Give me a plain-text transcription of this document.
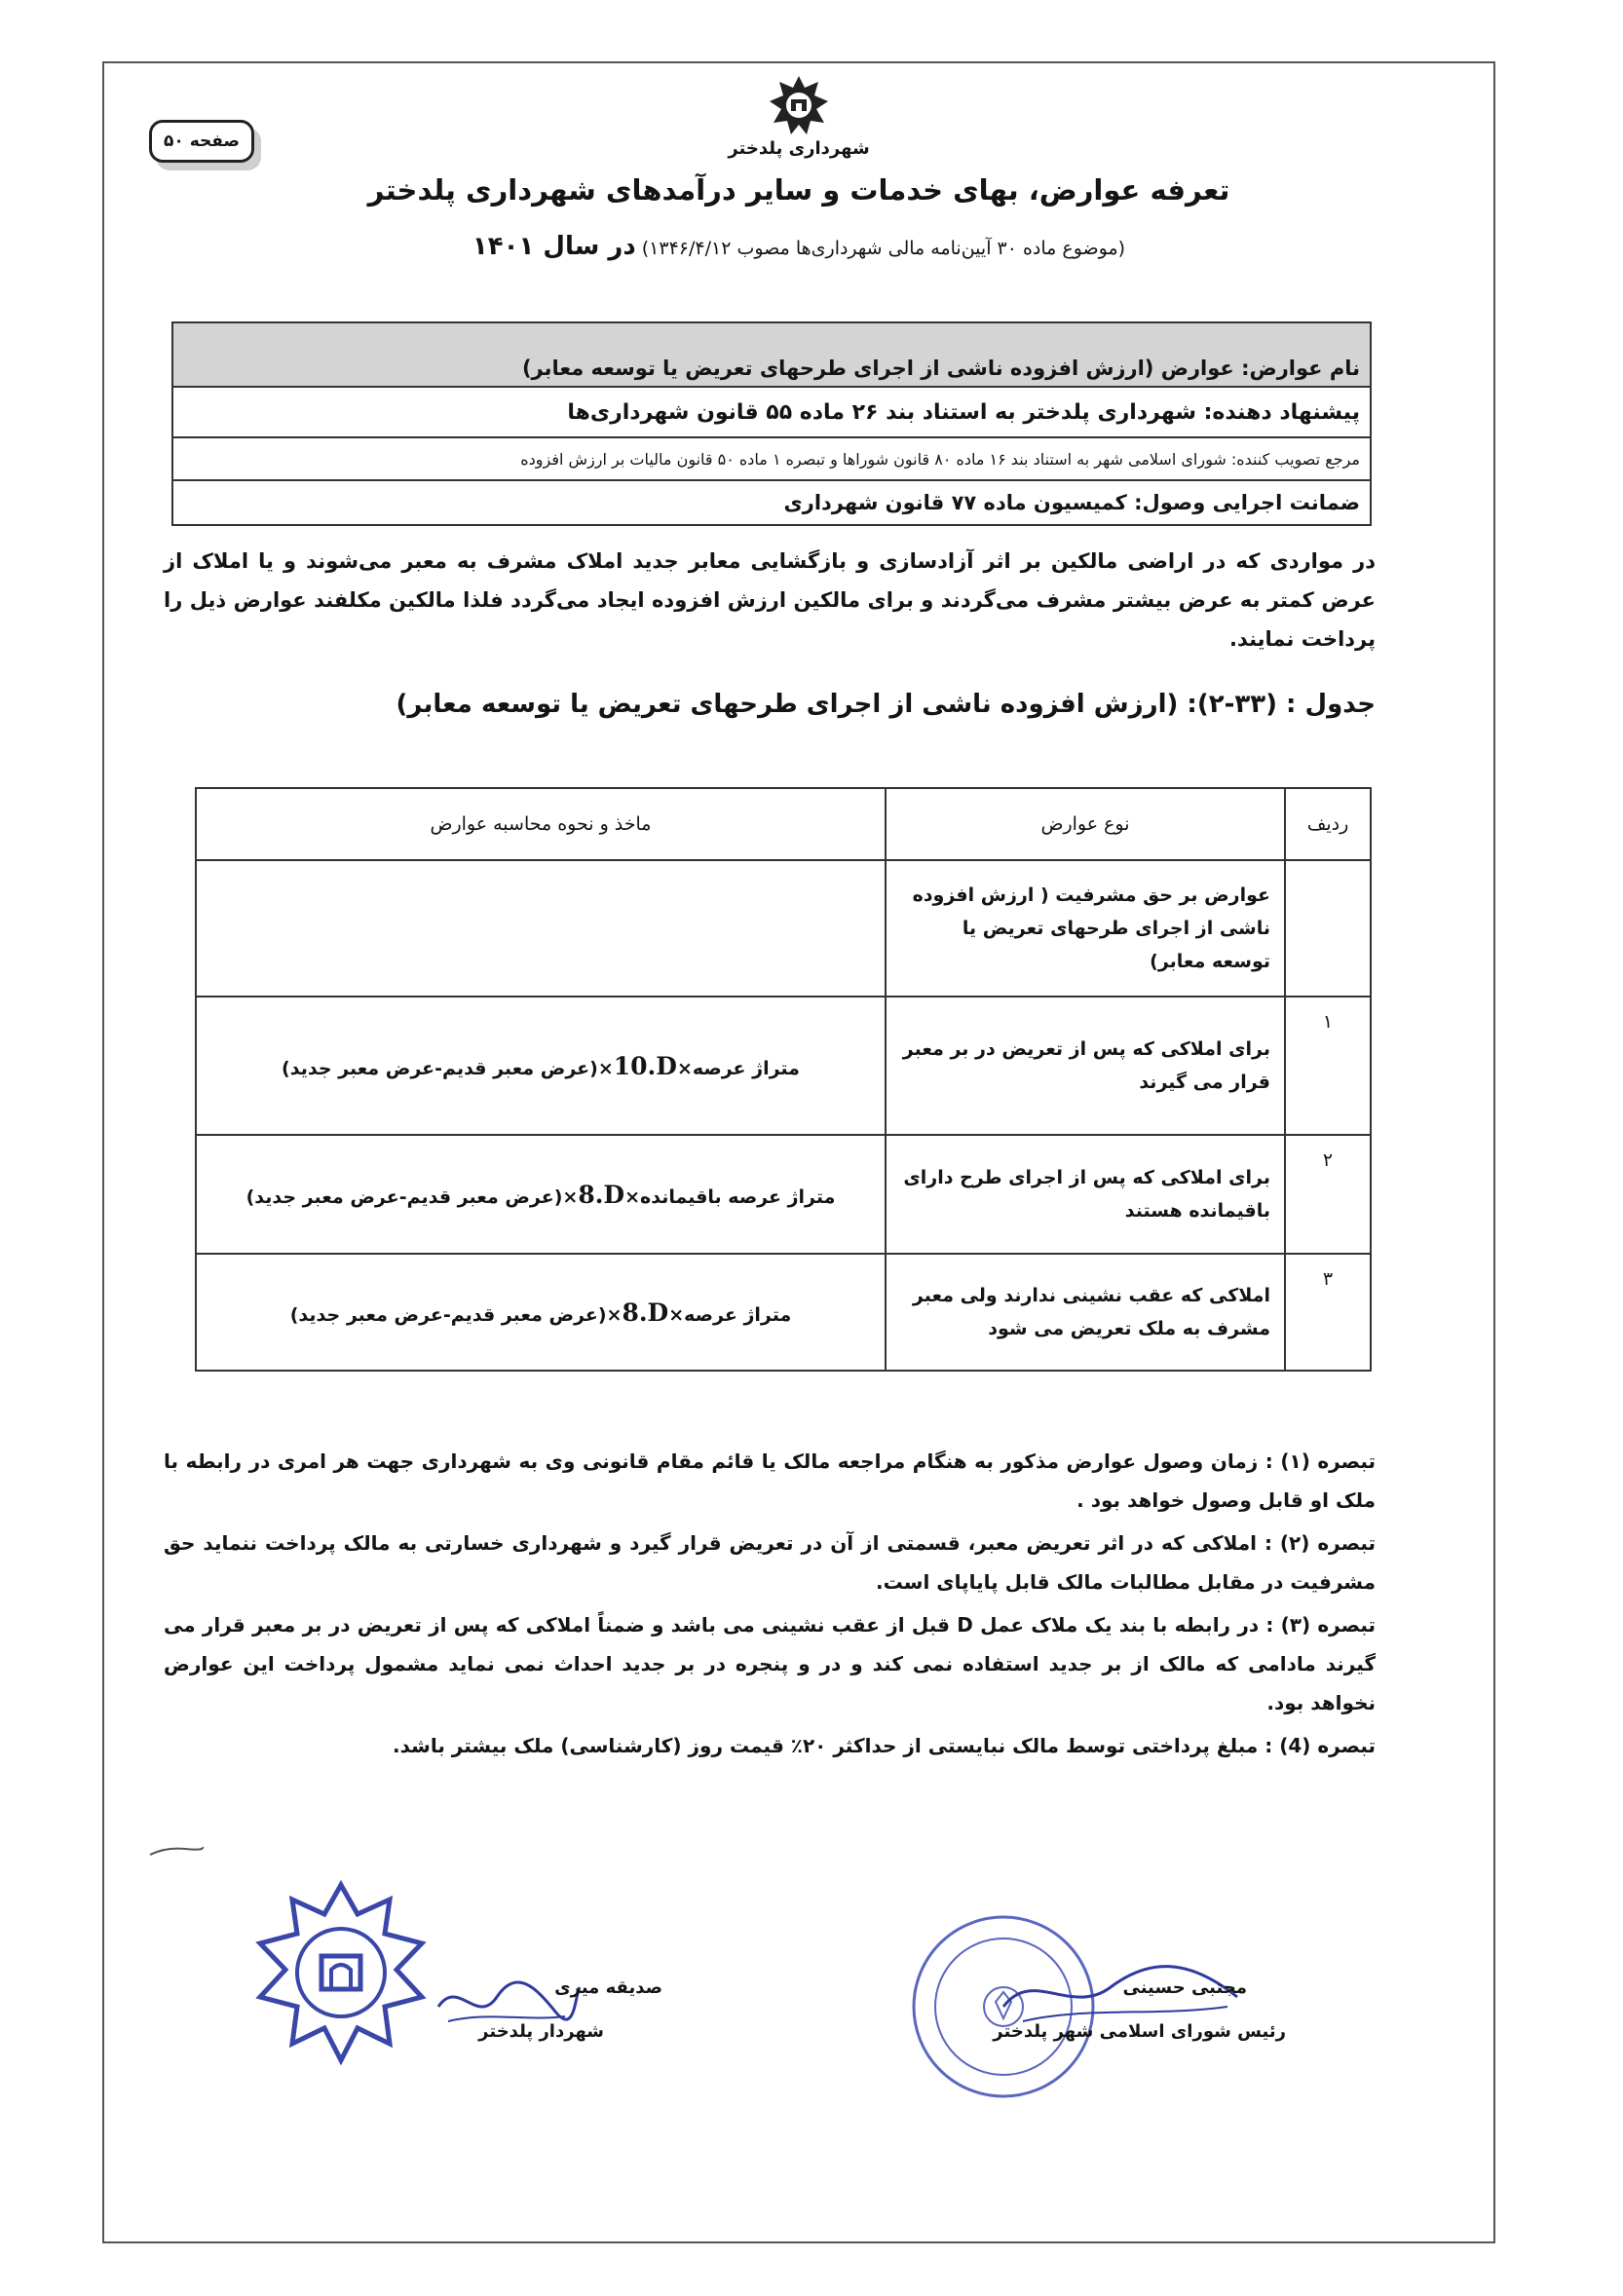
صفحه ۵۰	شهرداری پلدختر
تعرفه عوارض، بهای خدمات و سایر درآمدهای شهرداری پلدختر
(موضوع ماده ۳۰ آیین‌نامه مالی شهرداری‌ها مصوب ۱۳۴۶/۴/۱۲) در سال ۱۴۰۱
نام عوارض: عوارض (ارزش افزوده ناشی از اجرای طرحهای تعریض یا توسعه معابر)
پیشنهاد دهنده: شهرداری پلدختر به استناد بند ۲۶ ماده ۵۵ قانون شهرداری‌ها
مرجع تصویب کننده: شورای اسلامی شهر به استناد بند ۱۶ ماده ۸۰ قانون شوراها و تبصره ۱ ماده ۵۰ قانون مالیات بر ارزش افزوده
ضمانت اجرایی وصول: کمیسیون ماده ۷۷ قانون شهرداری
در مواردی که در اراضی مالکین بر اثر آزادسازی و بازگشایی معابر جدید املاک مشرف به معبر می‌شوند و یا املاک از عرض کمتر به عرض بیشتر مشرف می‌گردند و برای مالکین ارزش افزوده ایجاد می‌گردد فلذا مالکین مکلفند عوارض ذیل را پرداخت نمایند.
جدول : (۳۳-۲): (ارزش افزوده ناشی از اجرای طرحهای تعریض یا توسعه معابر)
ردیف	نوع عوارض	ماخذ و نحوه محاسبه عوارض
	عوارض بر حق مشرفیت ( ارزش افزوده ناشی از اجرای طرحهای تعریض یا توسعه معابر)	
۱	برای املاکی که پس از تعریض در بر معبر قرار می گیرند	متراژ عرصه×10.D×(عرض معبر قدیم-عرض معبر جدید)
۲	برای املاکی که پس از اجرای طرح دارای باقیمانده هستند	متراژ عرصه باقیمانده×8.D×(عرض معبر قدیم-عرض معبر جدید)
۳	املاکی که عقب نشینی ندارند ولی معبر مشرف به ملک تعریض می شود	متراژ عرصه×8.D×(عرض معبر قدیم-عرض معبر جدید)

تبصره (۱) : زمان وصول عوارض مذکور به هنگام مراجعه مالک یا قائم مقام قانونی وی به شهرداری جهت هر امری در رابطه با ملک او قابل وصول خواهد بود .

تبصره (۲) : املاکی که در اثر تعریض معبر، قسمتی از آن در تعریض قرار گیرد و شهرداری خسارتی به مالک پرداخت ننماید حق مشرفیت در مقابل مطالبات مالک قابل پایاپای است.

تبصره (۳) : در رابطه با بند یک ملاک عمل D قبل از عقب نشینی می باشد و ضمناً املاکی که پس از تعریض در بر معبر قرار می گیرند مادامی که مالک از بر جدید استفاده نمی کند و در و پنجره در بر جدید احداث نمی نماید مشمول پرداخت این عوارض نخواهد بود.

تبصره (4) : مبلغ پرداختی توسط مالک نبایستی از حداکثر ۲۰٪ قیمت روز (کارشناسی) ملک بیشتر باشد.

صدیقه میری
شهردار پلدختر
مجتبی حسینی
رئیس شورای اسلامی شهر پلدختر
